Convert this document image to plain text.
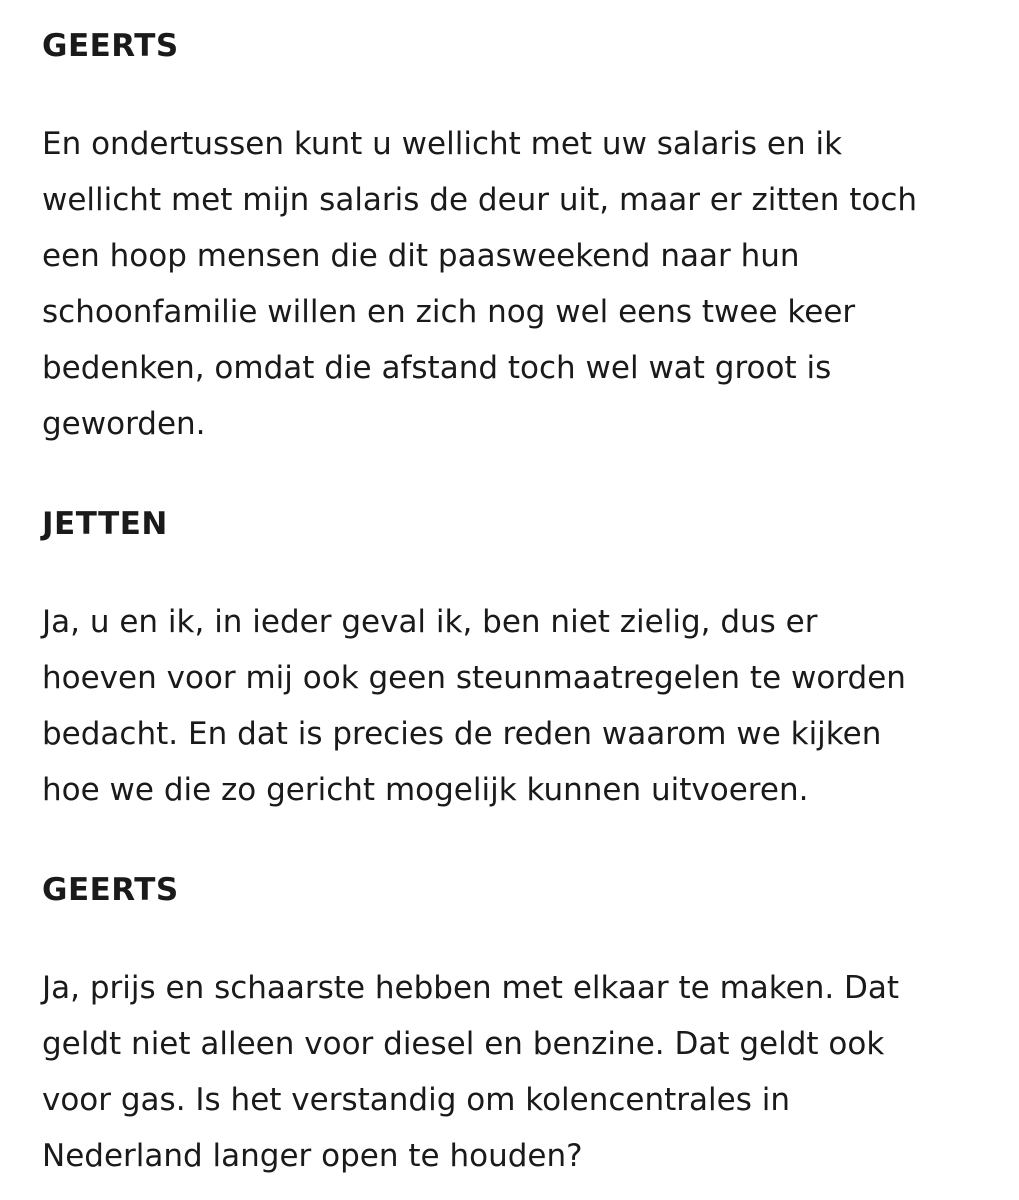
GEERTS

En ondertussen kunt u wellicht met uw salaris en ik

wellicht met mijn salaris de deur uit, maar er zitten toch

een hoop mensen die dit paasweekend naar hun

schoonfamilie willen en zich nog wel eens twee keer

bedenken, omdat die afstand toch wel wat groot is

geworden.

JETTEN

Ja, u en ik, in ieder geval ik, ben niet zielig, dus er

hoeven voor mij ook geen steunmaatregelen te worden

bedacht. En dat is precies de reden waarom we kijken

hoe we die zo gericht mogelijk kunnen uitvoeren.

GEERTS

Ja, prijs en schaarste hebben met elkaar te maken. Dat

geldt niet alleen voor diesel en benzine. Dat geldt ook

voor gas. Is het verstandig om kolencentrales in

Nederland langer open te houden?
